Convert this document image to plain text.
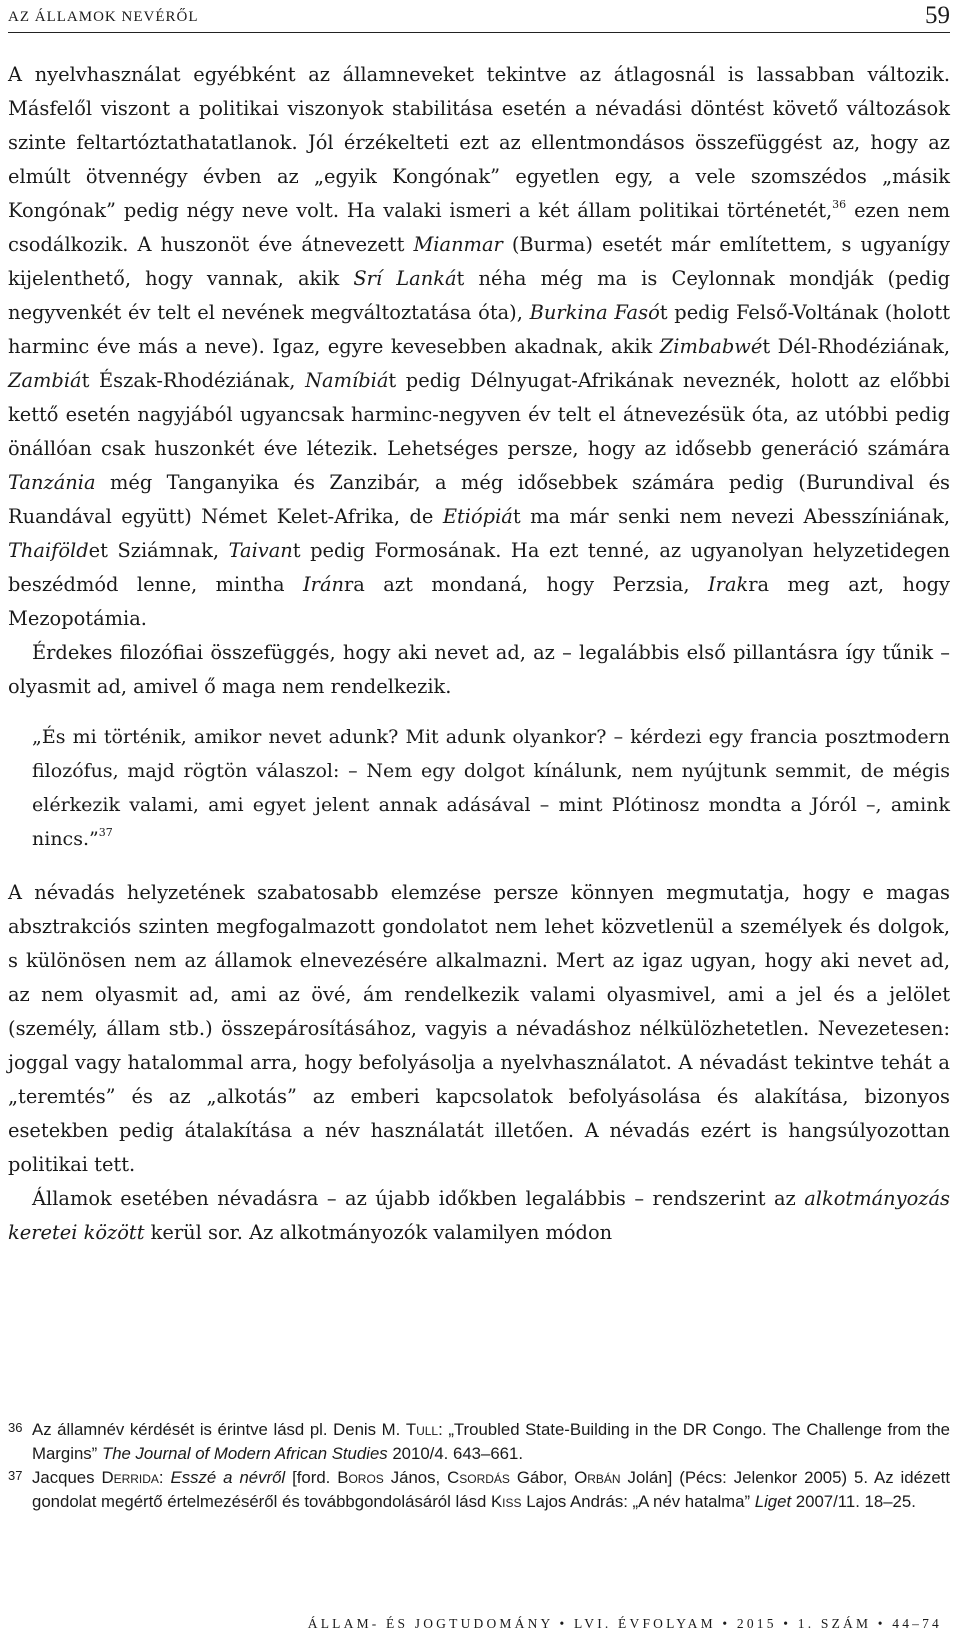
AZ ÁLLAMOK NEVÉRŐL	59

A nyelvhasználat egyébként az államneveket tekintve az átlagosnál is lassabban változik. Másfelől viszont a politikai viszonyok stabilitása esetén a névadási döntést követő változások szinte feltartóztathatatlanok. Jól érzékelteti ezt az ellentmondásos összefüggést az, hogy az elmúlt ötvennégy évben az „egyik Kongónak” egyetlen egy, a vele szomszédos „másik Kongónak” pedig négy neve volt. Ha valaki ismeri a két állam politikai történetét,$^{36}$ ezen nem csodálkozik. A huszonöt éve átnevezett Mianmar (Burma) esetét már említettem, s ugyanígy kijelenthető, hogy vannak, akik Srí Lankát néha még ma is Ceylonnak mondják (pedig negyvenkét év telt el nevének megváltoztatása óta), Burkina Fasót pedig Felső-Voltának (holott harminc éve más a neve). Igaz, egyre kevesebben akadnak, akik Zimbabwét Dél-Rhodéziának, Zambiát Észak-Rhodéziának, Namíbiát pedig Délnyugat-Afrikának neveznék, holott az előbbi kettő esetén nagyjából ugyancsak harminc-negyven év telt el átnevezésük óta, az utóbbi pedig önállóan csak huszonkét éve létezik. Lehetséges persze, hogy az idősebb generáció számára Tanzánia még Tanganyika és Zanzibár, a még idősebbek számára pedig (Burundival és Ruandával együtt) Német Kelet-Afrika, de Etiópiát ma már senki nem nevezi Abesszíniának, Thaiföldet Sziámnak, Taivant pedig Formosának. Ha ezt tenné, az ugyanolyan helyzetidegen beszédmód lenne, mintha Iránra azt mondaná, hogy Perzsia, Irakra meg azt, hogy Mezopotámia.

Érdekes filozófiai összefüggés, hogy aki nevet ad, az – legalábbis első pillantásra így tűnik – olyasmit ad, amivel ő maga nem rendelkezik.

„És mi történik, amikor nevet adunk? Mit adunk olyankor? – kérdezi egy francia posztmodern filozófus, majd rögtön válaszol: – Nem egy dolgot kínálunk, nem nyújtunk semmit, de mégis elérkezik valami, ami egyet jelent annak adásával – mint Plótinosz mondta a Jóról –, amink nincs.”$^{37}$

A névadás helyzetének szabatosabb elemzése persze könnyen megmutatja, hogy e magas absztrakciós szinten megfogalmazott gondolatot nem lehet közvetlenül a személyek és dolgok, s különösen nem az államok elnevezésére alkalmazni. Mert az igaz ugyan, hogy aki nevet ad, az nem olyasmit ad, ami az övé, ám rendelkezik valami olyasmivel, ami a jel és a jelölet (személy, állam stb.) összepárosításához, vagyis a névadáshoz nélkülözhetetlen. Nevezetesen: joggal vagy hatalommal arra, hogy befolyásolja a nyelvhasználatot. A névadást tekintve tehát a „teremtés” és az „alkotás” az emberi kapcsolatok befolyásolása és alakítása, bizonyos esetekben pedig átalakítása a név használatát illetően. A névadás ezért is hangsúlyozottan politikai tett.

Államok esetében névadásra – az újabb időkben legalábbis – rendszerint az alkotmányozás keretei között kerül sor. Az alkotmányozók valamilyen módon

36 Az államnév kérdését is érintve lásd pl. Denis M. Tull: „Troubled State-Building in the DR Congo. The Challenge from the Margins” The Journal of Modern African Studies 2010/4. 643–661.

37 Jacques Derrida: Esszé a névről [ford. Boros János, Csordás Gábor, Orbán Jolán] (Pécs: Jelenkor 2005) 5. Az idézett gondolat megértő értelmezéséről és továbbgondolásáról lásd Kiss Lajos András: „A név hatalma” Liget 2007/11. 18–25.

ÁLLAM- ÉS JOGTUDOMÁNY • LVI. ÉVFOLYAM • 2015 • 1. SZÁM • 44–74
